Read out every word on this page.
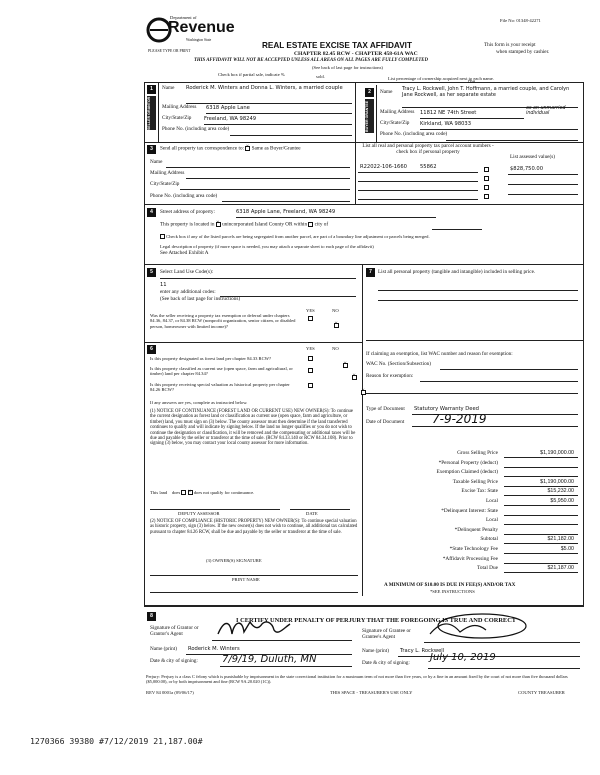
Department of
Revenue
Washington State
PLEASE TYPE OR PRINT
REAL ESTATE EXCISE TAX AFFIDAVIT
CHAPTER 82.45 RCW - CHAPTER 458-61A WAC
THIS AFFIDAVIT WILL NOT BE ACCEPTED UNLESS ALL AREAS ON ALL PAGES ARE FULLY COMPLETED
(See back of last page for instructions)
File No: 01348-42271
This form is your receipt
when stamped by cashier.
Check box if partial sale, indicate %	sold.	List percentage of ownership acquired next to each name.
1
SELLER GRANTOR
Name Roderick M. Winters and Donna L. Winters, a married couple
Mailing Address 6318 Apple Lane
City/State/Zip Freeland, WA 98249
Phone No. (including area code)
2
BUYER GRANTEE
Name Tracy L. Rockwell, John T. Hoffmann, a married couple, and Carolyn Jane Rockwell, as her separate estate
the
Mailing Address 11812 NE 74th Street
as an unmarried individual
City/State/Zip Kirkland, WA 98033
Phone No. (including area code)
3	Send all property tax correspondence to: × Same as Buyer/Grantee
Name
Mailing Address
City/State/Zip
Phone No. (including area code)
List all real and personal property tax parcel account numbers - check box if personal property
List assessed value(s)
R22022-106-1660	55862	$828,750.00
4	Street address of property:	6318 Apple Lane, Freeland, WA 98249
This property is located in × unincorporated Island County OR within city of
Check box if any of the listed parcels are being segregated from another parcel, are part of a boundary line adjustment or parcels being merged.
Legal description of property (if more space is needed, you may attach a separate sheet to each page of the affidavit)
See Attached Exhibit A
5	Select Land Use Code(s):
11
enter any additional codes:
(See back of last page for instructions)
YES	NO
Was the seller receiving a property tax exemption or deferral under chapters 84.36, 84.37, or 84.38 RCW (nonprofit organization, senior citizen, or disabled person, homeowner with limited income)?
×
6	YES	NO
Is this property designated as forest land per chapter 84.33 RCW?
×
Is this property classified as current use (open space, farm and agricultural, or timber) land per chapter 84.34?
×
Is this property receiving special valuation as historical property per chapter 84.26 RCW?
×
If any answers are yes, complete as instructed below.
(1) NOTICE OF CONTINUANCE (FOREST LAND OR CURRENT USE) NEW OWNER(S): To continue the current designation as forest land or classification as current use (open space, farm and agriculture, or timber) land, you must sign on (3) below. The county assessor must then determine if the land transferred continues to qualify and will indicate by signing below. If the land no longer qualifies or you do not wish to continue the designation or classification, it will be removed and the compensating or additional taxes will be due and payable by the seller or transferor at the time of sale. (RCW 84.33.140 or RCW 84.34.108). Prior to signing (3) below, you may contact your local county assessor for more information.
This land does ×	does not qualify for continuance.
DEPUTY ASSESSOR	DATE
(2) NOTICE OF COMPLIANCE (HISTORIC PROPERTY) NEW OWNER(S): To continue special valuation as historic property, sign (3) below. If the new owner(s) does not wish to continue, all additional tax calculated pursuant to chapter 84.26 RCW, shall be due and payable by the seller or transferor at the time of sale.
(3) OWNER(S) SIGNATURE
PRINT NAME
7	List all personal property (tangible and intangible) included in selling price.
If claiming an exemption, list WAC number and reason for exemption:
WAC No. (Section/Subsection)
Reason for exemption:
Type of Document Statutory Warranty Deed
Date of Document 7-9-2019
Gross Selling Price	$1,190,000.00
*Personal Property (deduct)
Exemption Claimed (deduct)
Taxable Selling Price	$1,190,000.00
Excise Tax: State	$15,232.00
Local	$5,950.00
*Delinquent Interest: State
Local
*Delinquent Penalty
Subtotal	$21,182.00
*State Technology Fee	$5.00
*Affidavit Processing Fee
Total Due	$21,187.00
A MINIMUM OF $10.00 IS DUE IN FEE(S) AND/OR TAX
*SEE INSTRUCTIONS
8
I CERTIFY UNDER PENALTY OF PERJURY THAT THE FOREGOING IS TRUE AND CORRECT
Signature of Grantor or Grantor's Agent
Name (print) Roderick M. Winters
Date & city of signing: 7/9/19, Duluth, MN
Signature of Grantee or Grantee's Agent
Name (print) Tracy L. Rockwell
Date & city of signing: July 10, 2019
Perjury: Perjury is a class C felony which is punishable by imprisonment in the state correctional institution for a maximum term of not more than five years, or by a fine in an amount fixed by the court of not more than five thousand dollars ($5,000.00), or by both imprisonment and fine (RCW 9A.20.020 (1C)).
REV 84 0001a (09/06/17)	THIS SPACE - TREASURER'S USE ONLY	COUNTY TREASURER
1270366 39380 #7/12/2019 21,187.00#
